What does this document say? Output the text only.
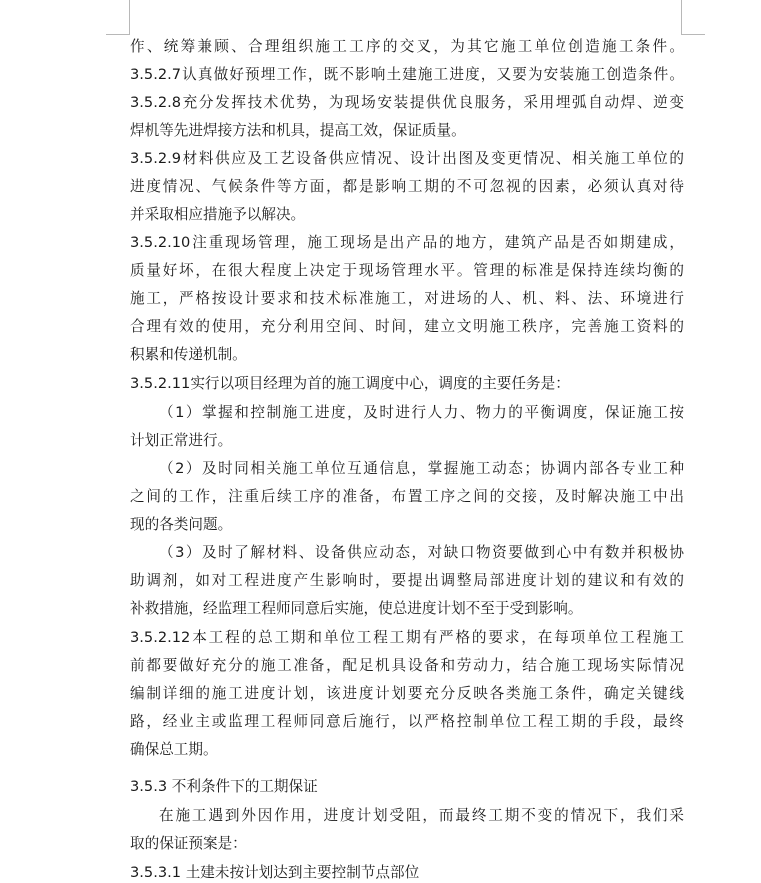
作、统筹兼顾、合理组织施工工序的交叉，为其它施工单位创造施工条件。
3.5.2.7认真做好预埋工作，既不影响土建施工进度，又要为安装施工创造条件。
3.5.2.8充分发挥技术优势，为现场安装提供优良服务，采用埋弧自动焊、逆变
焊机等先进焊接方法和机具，提高工效，保证质量。
3.5.2.9材料供应及工艺设备供应情况、设计出图及变更情况、相关施工单位的
进度情况、气候条件等方面，都是影响工期的不可忽视的因素，必须认真对待
并采取相应措施予以解决。
3.5.2.10注重现场管理，施工现场是出产品的地方，建筑产品是否如期建成，
质量好坏，在很大程度上决定于现场管理水平。管理的标准是保持连续均衡的
施工，严格按设计要求和技术标准施工，对进场的人、机、料、法、环境进行
合理有效的使用，充分利用空间、时间，建立文明施工秩序，完善施工资料的
积累和传递机制。
3.5.2.11实行以项目经理为首的施工调度中心，调度的主要任务是：
（1）掌握和控制施工进度，及时进行人力、物力的平衡调度，保证施工按
计划正常进行。
（2）及时同相关施工单位互通信息，掌握施工动态；协调内部各专业工种
之间的工作，注重后续工序的准备，布置工序之间的交接，及时解决施工中出
现的各类问题。
（3）及时了解材料、设备供应动态，对缺口物资要做到心中有数并积极协
助调剂，如对工程进度产生影响时，要提出调整局部进度计划的建议和有效的
补救措施，经监理工程师同意后实施，使总进度计划不至于受到影响。
3.5.2.12本工程的总工期和单位工程工期有严格的要求，在每项单位工程施工
前都要做好充分的施工准备，配足机具设备和劳动力，结合施工现场实际情况
编制详细的施工进度计划，该进度计划要充分反映各类施工条件，确定关键线
路，经业主或监理工程师同意后施行，以严格控制单位工程工期的手段，最终
确保总工期。
3.5.3 不利条件下的工期保证
在施工遇到外因作用，进度计划受阻，而最终工期不变的情况下，我们采
取的保证预案是：
3.5.3.1 土建未按计划达到主要控制节点部位
